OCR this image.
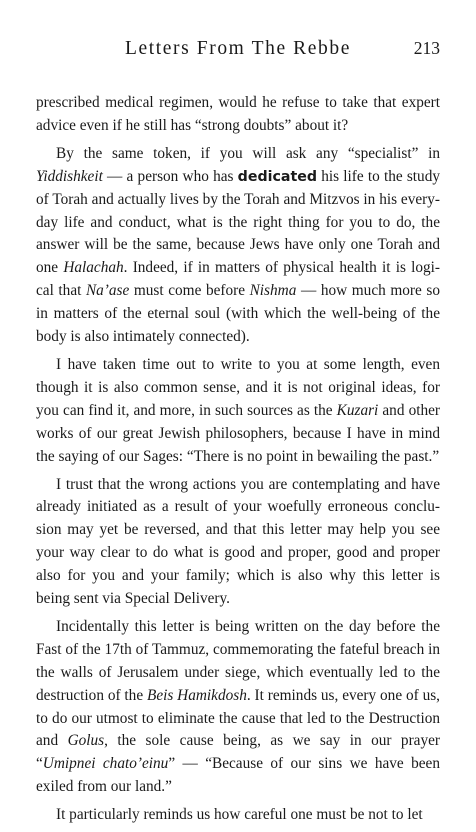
Letters From The Rebbe	213

prescribed medical regimen, would he refuse to take that expert advice even if he still has “strong doubts” about it?

By the same token, if you will ask any “specialist” in Yiddishkeit — a person who has dedicated his life to the study of Torah and actually lives by the Torah and Mitzvos in his every-day life and conduct, what is the right thing for you to do, the answer will be the same, because Jews have only one Torah and one Halachah. Indeed, if in matters of physical health it is logi-cal that Na’ase must come before Nishma — how much more so in matters of the eternal soul (with which the well-being of the body is also intimately connected).

I have taken time out to write to you at some length, even though it is also common sense, and it is not original ideas, for you can find it, and more, in such sources as the Kuzari and other works of our great Jewish philosophers, because I have in mind the saying of our Sages: “There is no point in bewailing the past.”

I trust that the wrong actions you are contemplating and have already initiated as a result of your woefully erroneous conclu-sion may yet be reversed, and that this letter may help you see your way clear to do what is good and proper, good and proper also for you and your family; which is also why this letter is being sent via Special Delivery.

Incidentally this letter is being written on the day before the Fast of the 17th of Tammuz, commemorating the fateful breach in the walls of Jerusalem under siege, which eventually led to the destruction of the Beis Hamikdosh. It reminds us, every one of us, to do our utmost to eliminate the cause that led to the Destruction and Golus, the sole cause being, as we say in our prayer “Umipnei chato’einu” — “Because of our sins we have been exiled from our land.”

It particularly reminds us how careful one must be not to let
